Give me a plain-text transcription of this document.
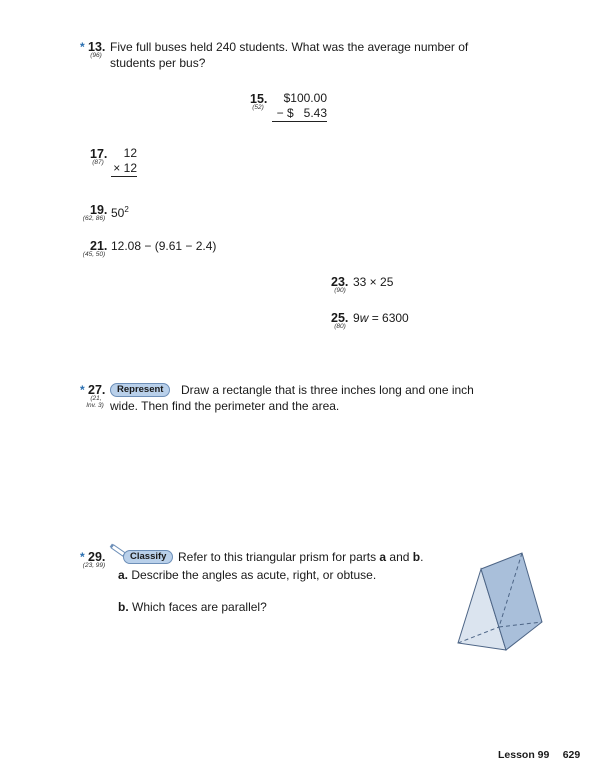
* 13.
(96)
Five full buses held 240 students. What was the average number of
students per bus?
15.
(52)
$100.00
− $   5.43
17.
(87)
12
× 12
19.
(62, 86) $50^2$
21.
(45, 50)
12.08 − (9.61 − 2.4)
23.
(90)
33 × 25
25.
(80)
9w = 6300
* 27.
(21,
Inv. 3)
Represent	Draw a rectangle that is three inches long and one inch
wide. Then find the perimeter and the area.
* 29.
(23, 99)
Classify Refer to this triangular prism for parts a and b.
a. Describe the angles as acute, right, or obtuse.
b. Which faces are parallel?
Lesson 99 629
